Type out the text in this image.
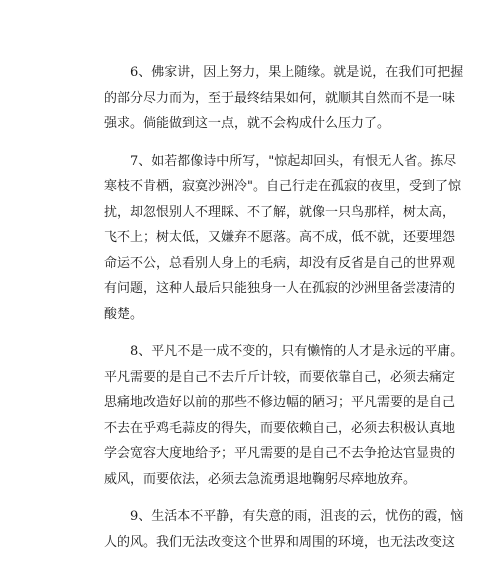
6、佛家讲，因上努力，果上随缘。就是说，在我们可把握
的部分尽力而为，至于最终结果如何，就顺其自然而不是一味
强求。倘能做到这一点，就不会构成什么压力了。
7、如若都像诗中所写，"惊起却回头，有恨无人省。拣尽
寒枝不肯栖，寂寞沙洲冷"。自己行走在孤寂的夜里，受到了惊
扰，却忽恨别人不理睬、不了解，就像一只鸟那样，树太高，
飞不上；树太低，又嫌弃不愿落。高不成，低不就，还要埋怨
命运不公，总看别人身上的毛病，却没有反省是自己的世界观
有问题，这种人最后只能独身一人在孤寂的沙洲里备尝凄清的
酸楚。
8、平凡不是一成不变的，只有懒惰的人才是永远的平庸。
平凡需要的是自己不去斤斤计较，而要依靠自己，必须去痛定
思痛地改造好以前的那些不修边幅的陋习；平凡需要的是自己
不去在乎鸡毛蒜皮的得失，而要依赖自己，必须去积极认真地
学会宽容大度地给予；平凡需要的是自己不去争抢达官显贵的
威风，而要依法，必须去急流勇退地鞠躬尽瘁地放弃。
9、生活本不平静，有失意的雨，沮丧的云，忧伤的霞，恼
人的风。我们无法改变这个世界和周围的环境，也无法改变这
